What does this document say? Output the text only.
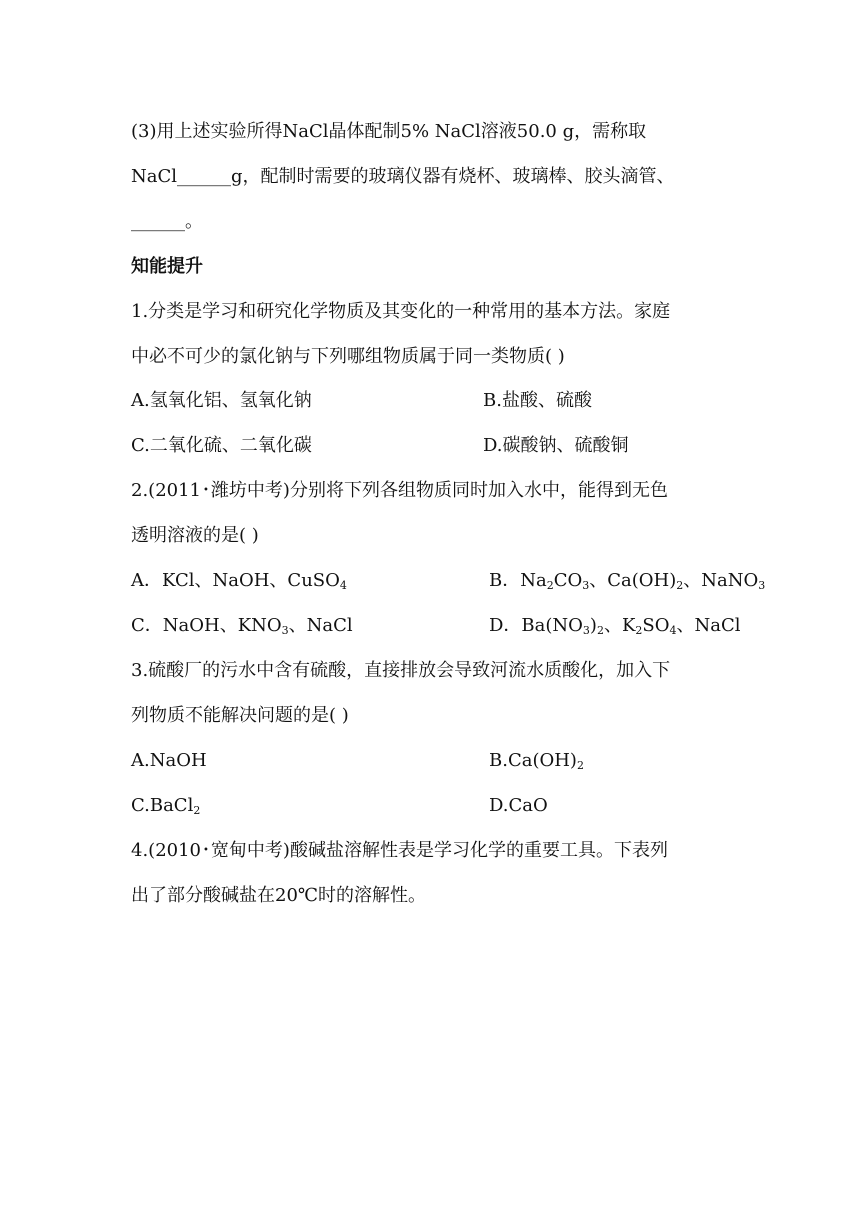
(3)用上述实验所得NaCl晶体配制5% NaCl溶液50.0 g，需称取
NaCl______g，配制时需要的玻璃仪器有烧杯、玻璃棒、胶头滴管、
______。
知能提升
1.分类是学习和研究化学物质及其变化的一种常用的基本方法。家庭
中必不可少的氯化钠与下列哪组物质属于同一类物质( )
A.氢氧化铝、氢氧化钠	B.盐酸、硫酸
C.二氧化硫、二氧化碳	D.碳酸钠、硫酸铜
2.(2011 • 潍坊中考)分别将下列各组物质同时加入水中，能得到无色
透明溶液的是( )
A．KCl、NaOH、CuSO$_4$	B．$Na_2CO_3$、$Ca(OH)_2$、NaNO$_3$
C．NaOH、$KNO_3$、NaCl	D．$Ba(NO_3)_2$、$K_2SO_4$、NaCl
3.硫酸厂的污水中含有硫酸，直接排放会导致河流水质酸化，加入下
列物质不能解决问题的是( )
A.NaOH	$B.Ca(OH)_2$
C.BaCl$_2$	D.CaO
4.(2010 • 宽甸中考)酸碱盐溶解性表是学习化学的重要工具。下表列
出了部分酸碱盐在20℃时的溶解性。
